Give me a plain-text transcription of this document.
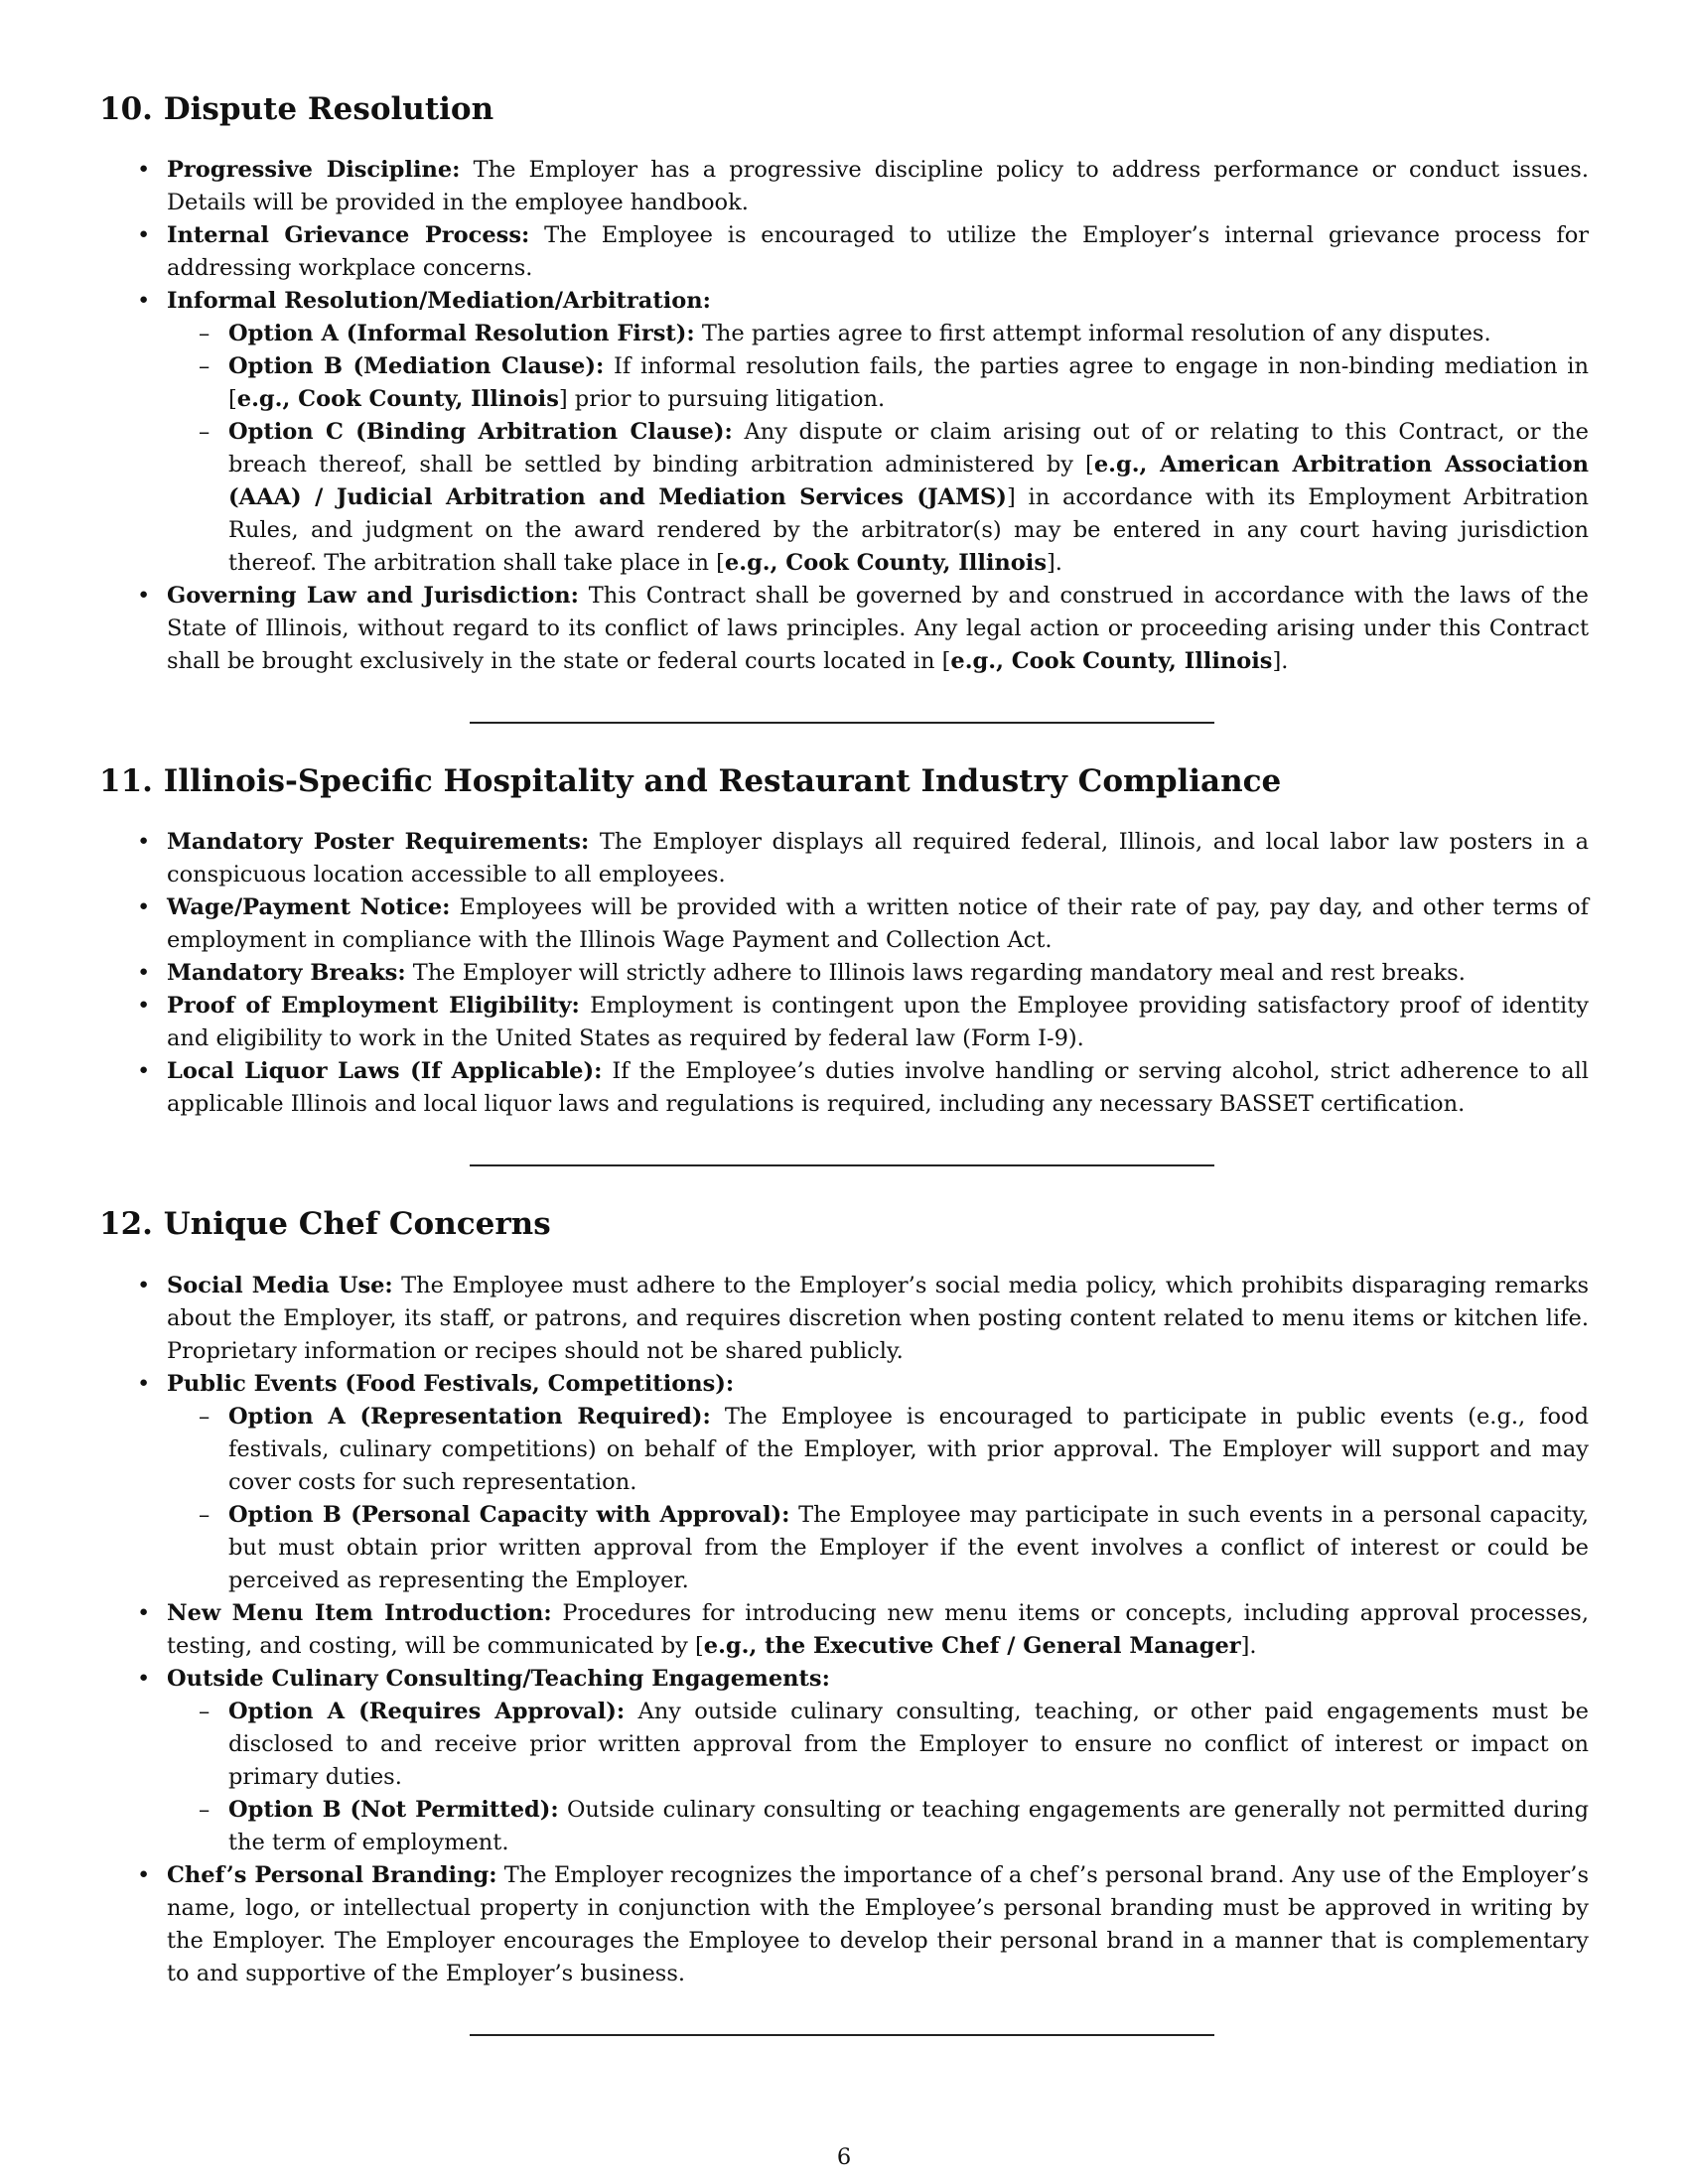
10. Dispute Resolution
• Progressive Discipline: The Employer has a progressive discipline policy to address performance or conduct issues. Details will be provided in the employee handbook.
• Internal Grievance Process: The Employee is encouraged to utilize the Employer’s internal grievance process for addressing workplace concerns.
• Informal Resolution/Mediation/Arbitration:
– Option A (Informal Resolution First): The parties agree to first attempt informal resolution of any disputes.
– Option B (Mediation Clause): If informal resolution fails, the parties agree to engage in non-binding mediation in [e.g., Cook County, Illinois] prior to pursuing litigation.
– Option C (Binding Arbitration Clause): Any dispute or claim arising out of or relating to this Contract, or the breach thereof, shall be settled by binding arbitration administered by [e.g., American Arbitration Association (AAA) / Judicial Arbitration and Mediation Services (JAMS)] in accordance with its Employment Arbitration Rules, and judgment on the award rendered by the arbitrator(s) may be entered in any court having jurisdiction thereof. The arbitration shall take place in [e.g., Cook County, Illinois].
• Governing Law and Jurisdiction: This Contract shall be governed by and construed in accordance with the laws of the State of Illinois, without regard to its conflict of laws principles. Any legal action or proceeding arising under this Contract shall be brought exclusively in the state or federal courts located in [e.g., Cook County, Illinois].
11. Illinois-Specific Hospitality and Restaurant Industry Compliance
• Mandatory Poster Requirements: The Employer displays all required federal, Illinois, and local labor law posters in a conspicuous location accessible to all employees.
• Wage/Payment Notice: Employees will be provided with a written notice of their rate of pay, pay day, and other terms of employment in compliance with the Illinois Wage Payment and Collection Act.
• Mandatory Breaks: The Employer will strictly adhere to Illinois laws regarding mandatory meal and rest breaks.
• Proof of Employment Eligibility: Employment is contingent upon the Employee providing satisfactory proof of identity and eligibility to work in the United States as required by federal law (Form I-9).
• Local Liquor Laws (If Applicable): If the Employee’s duties involve handling or serving alcohol, strict adherence to all applicable Illinois and local liquor laws and regulations is required, including any necessary BASSET certification.
12. Unique Chef Concerns
• Social Media Use: The Employee must adhere to the Employer’s social media policy, which prohibits disparaging remarks about the Employer, its staff, or patrons, and requires discretion when posting content related to menu items or kitchen life. Proprietary information or recipes should not be shared publicly.
• Public Events (Food Festivals, Competitions):
– Option A (Representation Required): The Employee is encouraged to participate in public events (e.g., food festivals, culinary competitions) on behalf of the Employer, with prior approval. The Employer will support and may cover costs for such representation.
– Option B (Personal Capacity with Approval): The Employee may participate in such events in a personal capacity, but must obtain prior written approval from the Employer if the event involves a conflict of interest or could be perceived as representing the Employer.
• New Menu Item Introduction: Procedures for introducing new menu items or concepts, including approval processes, testing, and costing, will be communicated by [e.g., the Executive Chef / General Manager].
• Outside Culinary Consulting/Teaching Engagements:
– Option A (Requires Approval): Any outside culinary consulting, teaching, or other paid engagements must be disclosed to and receive prior written approval from the Employer to ensure no conflict of interest or impact on primary duties.
– Option B (Not Permitted): Outside culinary consulting or teaching engagements are generally not permitted during the term of employment.
• Chef’s Personal Branding: The Employer recognizes the importance of a chef’s personal brand. Any use of the Employer’s name, logo, or intellectual property in conjunction with the Employee’s personal branding must be approved in writing by the Employer. The Employer encourages the Employee to develop their personal brand in a manner that is complementary to and supportive of the Employer’s business.
6
